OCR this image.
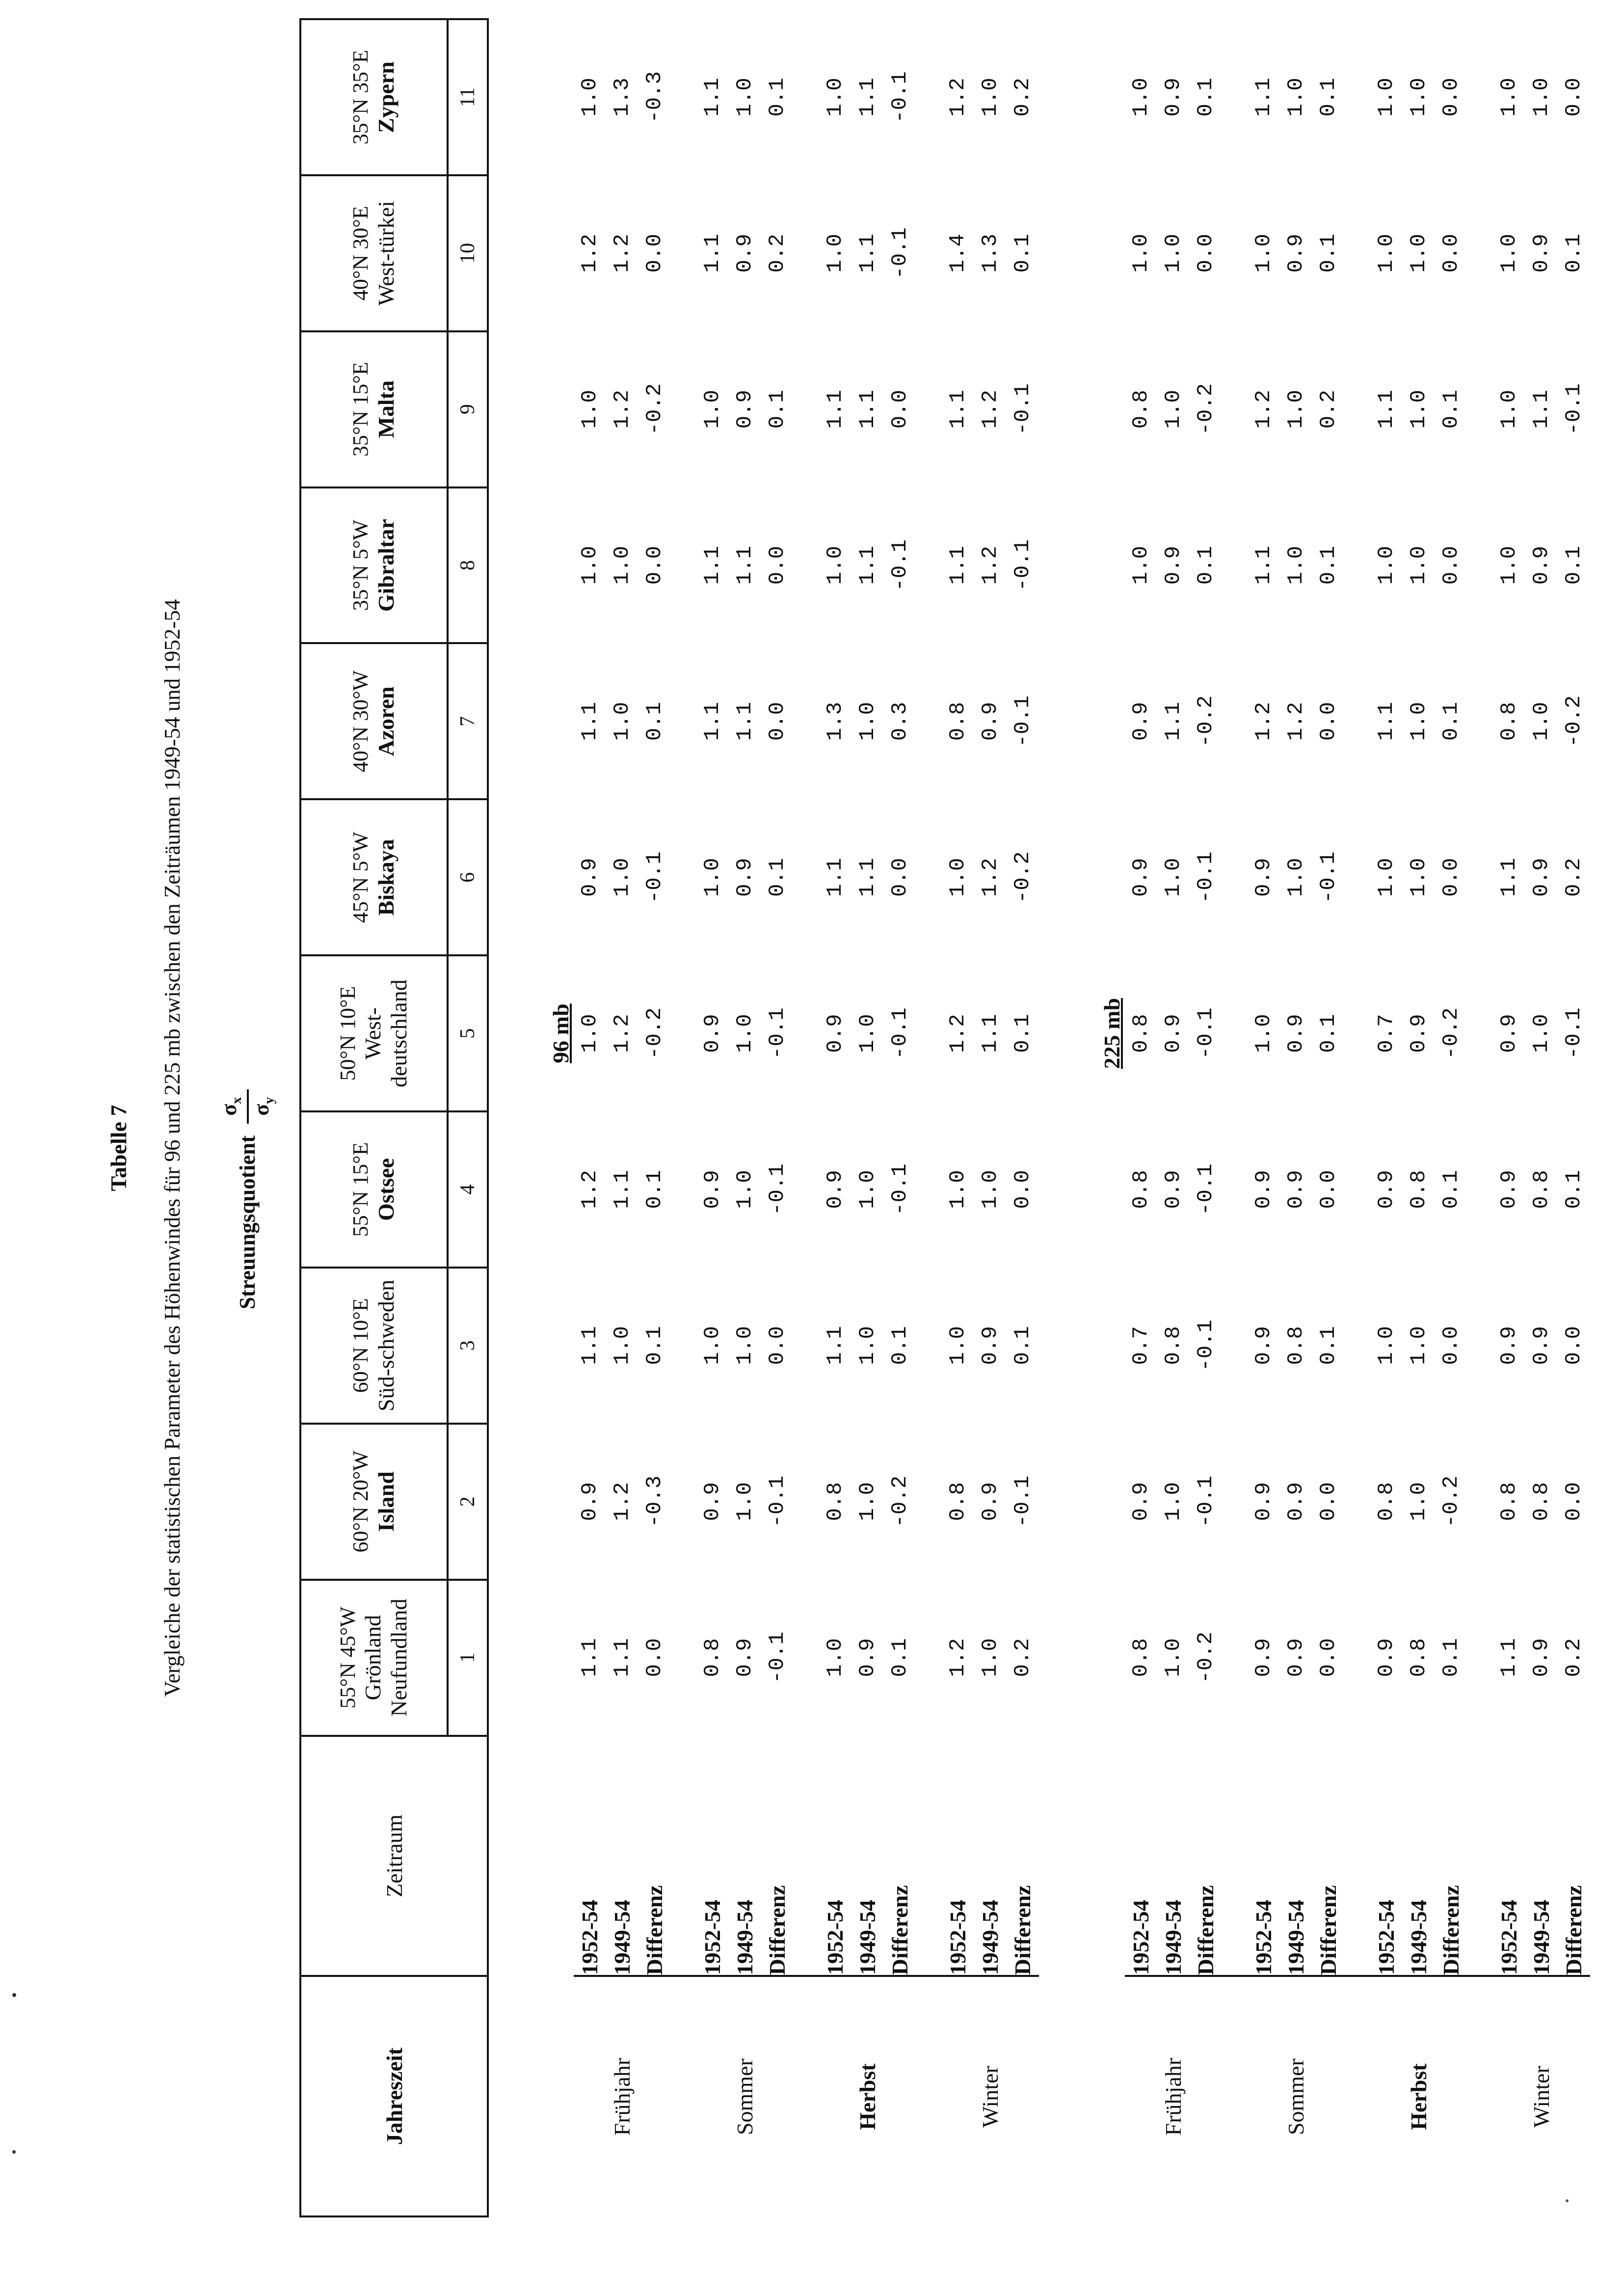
Tabelle 7 Vergleiche der statistischen Parameter des Höhenwindes für 96 und 225 mb zwischen den Zeiträumen 1949-54 und 1952-54 Streuungsquotient
$\sigma_x$
$\sigma_y$
Jahreszeit	Zeitraum	55°N 45°W Grönland Neufundland	60°N 20°W Island	60°N 10°E Süd-schweden	55°N 15°E Ostsee	50°N 10°E West-deutschland	45°N 5°W Biskaya	40°N 30°W Azoren	35°N 5°W Gibraltar	35°N 15°E Malta	40°N 30°E West-türkei	35°N 35°E Zypern

		1	2	3	4	5	6	7	8	9	10	11
						96 mb						
Frühjahr	1952-54	1.1	0.9	1.1	1.2	1.0	0.9	1.1	1.0	1.0	1.2	1.0
	1949-54	1.1	1.2	1.0	1.1	1.2	1.0	1.0	1.0	1.2	1.2	1.3
	Differenz	0.0	-0.3	0.1	0.1	-0.2	-0.1	0.1	0.0	-0.2	0.0	-0.3

Sommer	1952-54	0.8	0.9	1.0	0.9	0.9	1.0	1.1	1.1	1.0	1.1	1.1
	1949-54	0.9	1.0	1.0	1.0	1.0	0.9	1.1	1.1	0.9	0.9	1.0
	Differenz	-0.1	-0.1	0.0	-0.1	-0.1	0.1	0.0	0.0	0.1	0.2	0.1

Herbst	1952-54	1.0	0.8	1.1	0.9	0.9	1.1	1.3	1.0	1.1	1.0	1.0
	1949-54	0.9	1.0	1.0	1.0	1.0	1.1	1.0	1.1	1.1	1.1	1.1
	Differenz	0.1	-0.2	0.1	-0.1	-0.1	0.0	0.3	-0.1	0.0	-0.1	-0.1

Winter	1952-54	1.2	0.8	1.0	1.0	1.2	1.0	0.8	1.1	1.1	1.4	1.2
	1949-54	1.0	0.9	0.9	1.0	1.1	1.2	0.9	1.2	1.2	1.3	1.0
	Differenz	0.2	-0.1	0.1	0.0	0.1	-0.2	-0.1	-0.1	-0.1	0.1	0.2
						225 mb						
Frühjahr	1952-54	0.8	0.9	0.7	0.8	0.8	0.9	0.9	1.0	0.8	1.0	1.0
	1949-54	1.0	1.0	0.8	0.9	0.9	1.0	1.1	0.9	1.0	1.0	0.9
	Differenz	-0.2	-0.1	-0.1	-0.1	-0.1	-0.1	-0.2	0.1	-0.2	0.0	0.1

Sommer	1952-54	0.9	0.9	0.9	0.9	1.0	0.9	1.2	1.1	1.2	1.0	1.1
	1949-54	0.9	0.9	0.8	0.9	0.9	1.0	1.2	1.0	1.0	0.9	1.0
	Differenz	0.0	0.0	0.1	0.0	0.1	-0.1	0.0	0.1	0.2	0.1	0.1

Herbst	1952-54	0.9	0.8	1.0	0.9	0.7	1.0	1.1	1.0	1.1	1.0	1.0
	1949-54	0.8	1.0	1.0	0.8	0.9	1.0	1.0	1.0	1.0	1.0	1.0
	Differenz	0.1	-0.2	0.0	0.1	-0.2	0.0	0.1	0.0	0.1	0.0	0.0

Winter	1952-54	1.1	0.8	0.9	0.9	0.9	1.1	0.8	1.0	1.0	1.0	1.0
	1949-54	0.9	0.8	0.9	0.8	1.0	0.9	1.0	0.9	1.1	0.9	1.0
	Differenz	0.2	0.0	0.0	0.1	-0.1	0.2	-0.2	0.1	-0.1	0.1	0.0
